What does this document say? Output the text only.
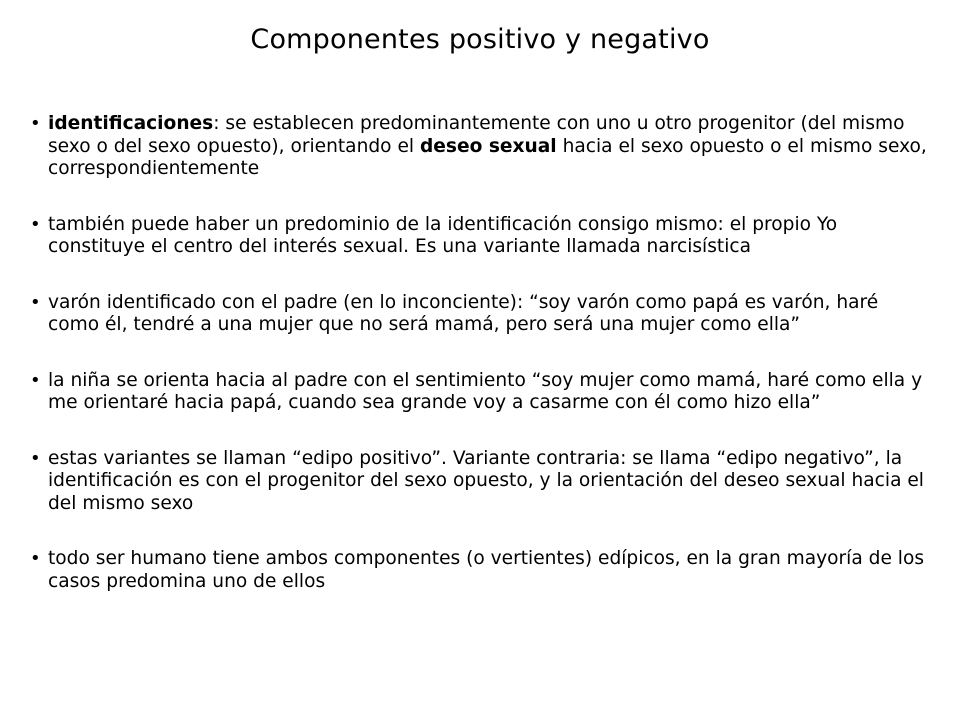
Componentes positivo y negativo
• identificaciones: se establecen predominantemente con uno u otro progenitor (del mismo sexo o del sexo opuesto), orientando el deseo sexual hacia el sexo opuesto o el mismo sexo, correspondientemente
• también puede haber un predominio de la identificación consigo mismo: el propio Yo constituye el centro del interés sexual. Es una variante llamada narcisística
• varón identificado con el padre (en lo inconciente): “soy varón como papá es varón, haré como él, tendré a una mujer que no será mamá, pero será una mujer como ella”
• la niña se orienta hacia al padre con el sentimiento “soy mujer como mamá, haré como ella y me orientaré hacia papá, cuando sea grande voy a casarme con él como hizo ella”
• estas variantes se llaman “edipo positivo”. Variante contraria: se llama “edipo negativo”, la identificación es con el progenitor del sexo opuesto, y la orientación del deseo sexual hacia el del mismo sexo
• todo ser humano tiene ambos componentes (o vertientes) edípicos, en la gran mayoría de los casos predomina uno de ellos
